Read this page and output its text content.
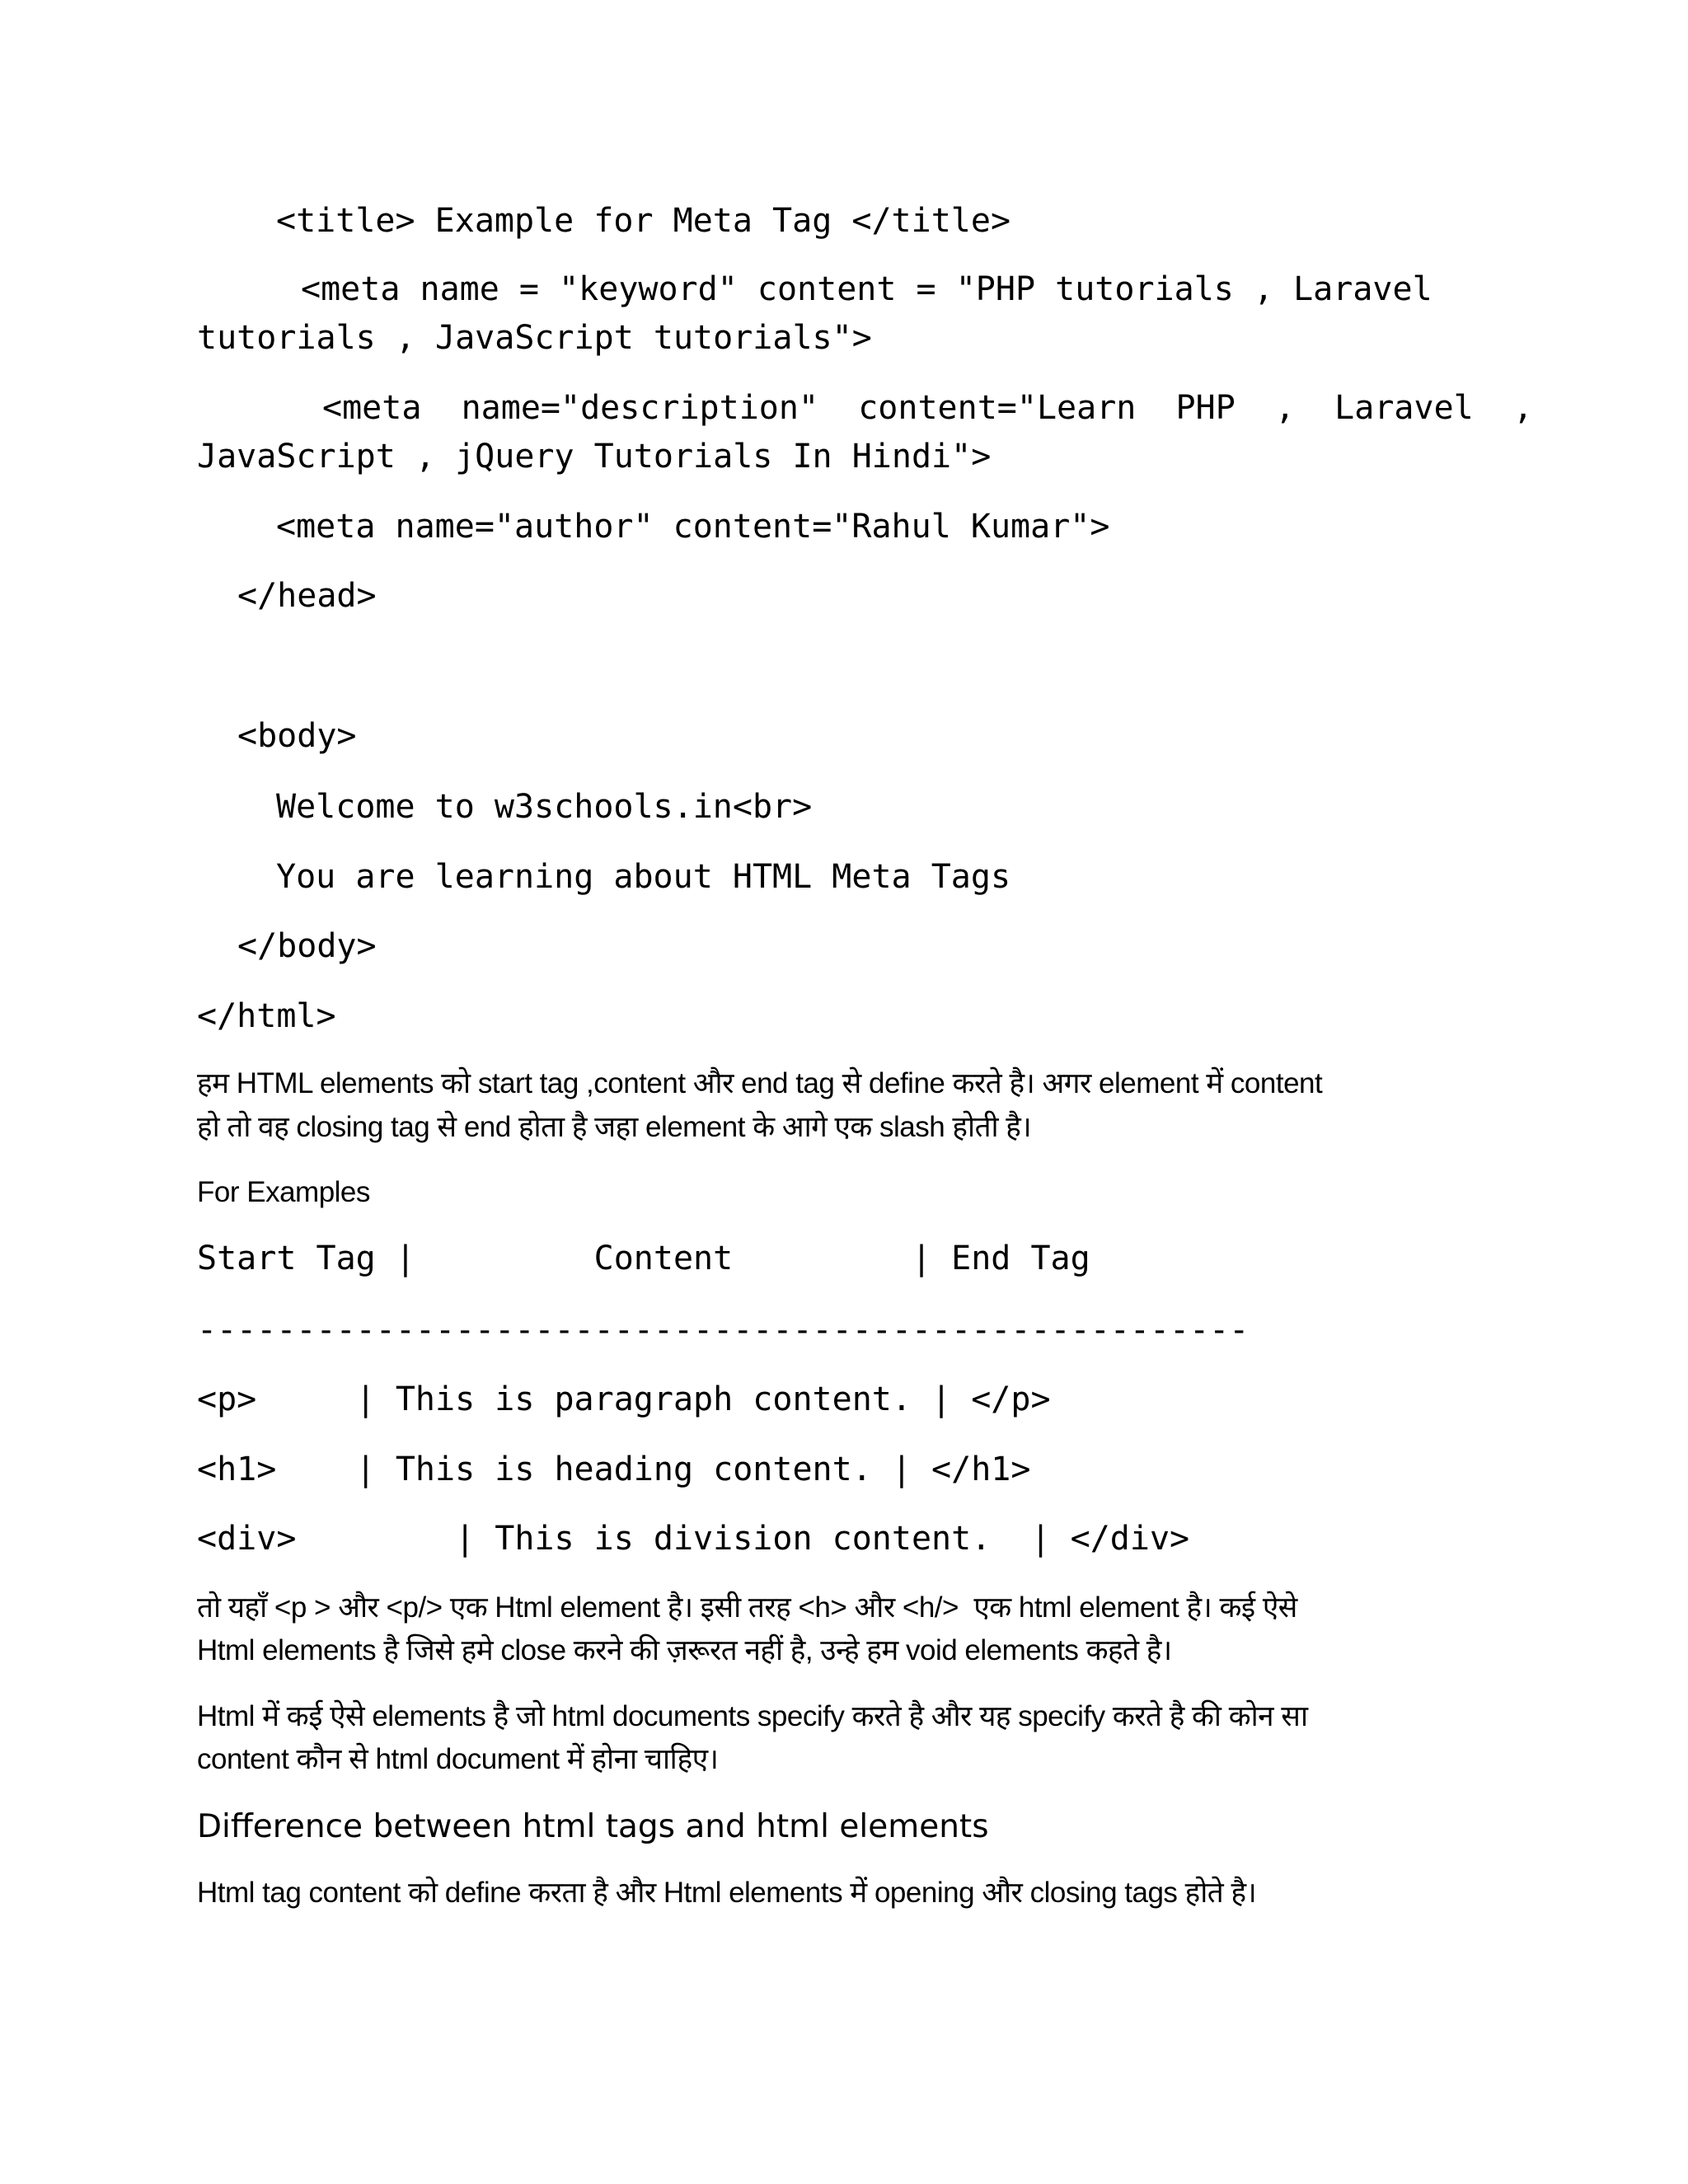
<title> Example for Meta Tag </title>
<meta name = "keyword" content = "PHP tutorials , Laravel
tutorials , JavaScript tutorials">
<meta  name="description"  content="Learn  PHP  ,  Laravel  ,
JavaScript , jQuery Tutorials In Hindi">
<meta name="author" content="Rahul Kumar">
</head>
<body>
Welcome to w3schools.in<br>
You are learning about HTML Meta Tags
</body>
</html>
हम HTML elements को start tag ,content और end tag से define करते है। अगर element में content
हो तो वह closing tag से end होता है जहा element के आगे एक slash होती है।
For Examples
Start Tag |         Content         | End Tag
-----------------------------------------------------
<p>     | This is paragraph content. | </p>
<h1>    | This is heading content. | </h1>
<div>        | This is division content.  | </div>
तो यहाँ <p > और <p/> एक Html element है। इसी तरह <h> और <h/>  एक html element है। कई ऐसे
Html elements है जिसे हमे close करने की ज़रूरत नहीं है, उन्हे हम void elements कहते है।
Html में कई ऐसे elements है जो html documents specify करते है और यह specify करते है की कोन सा
content कौन से html document में होना चाहिए।
Difference between html tags and html elements
Html tag content को define करता है और Html elements में opening और closing tags होते है।
